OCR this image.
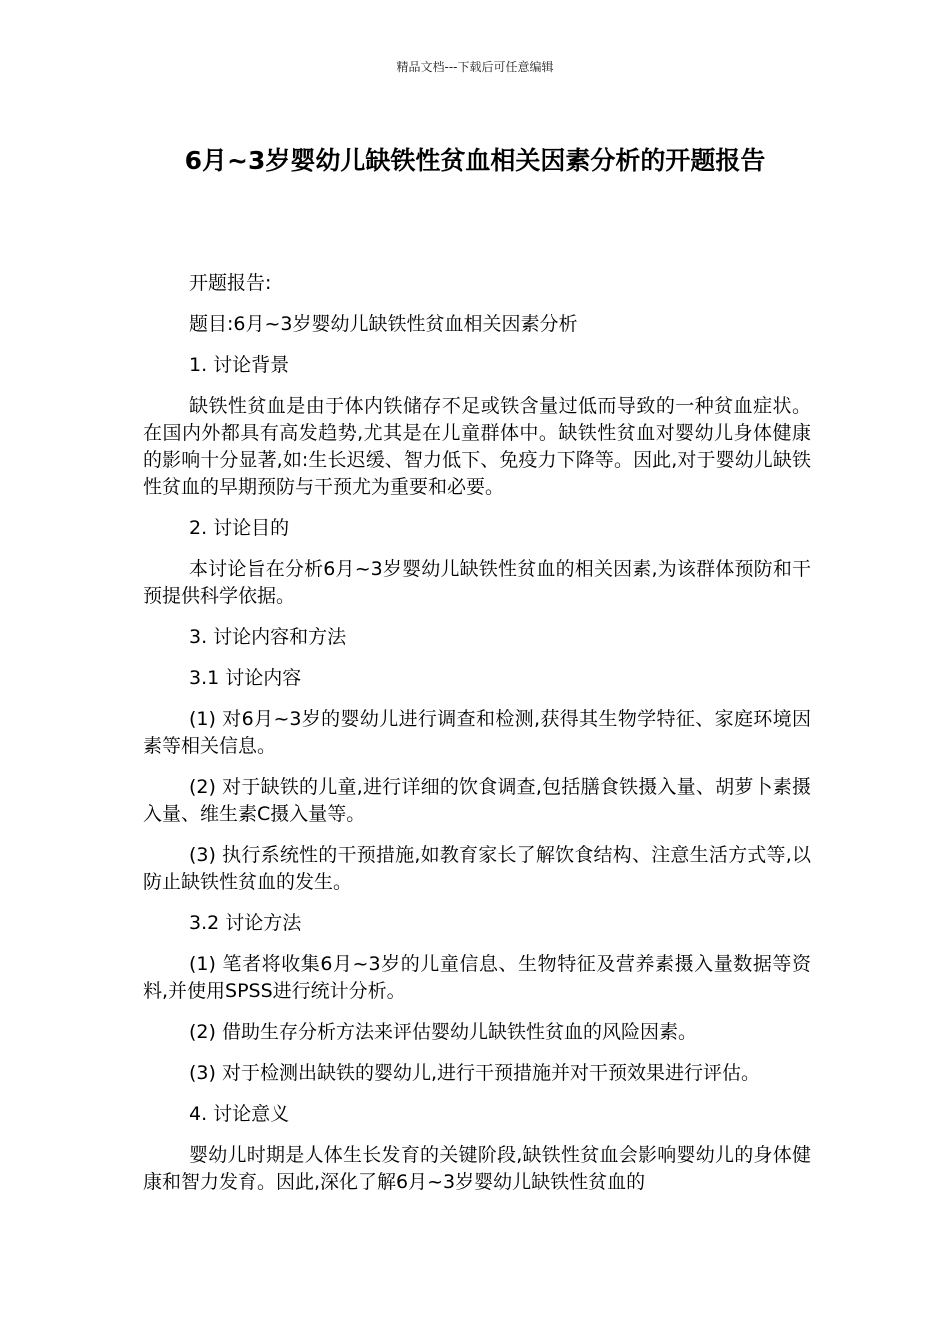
精品文档---下载后可任意编辑
6月~3岁婴幼儿缺铁性贫血相关因素分析的开题报告

开题报告:

题目:6月~3岁婴幼儿缺铁性贫血相关因素分析

1. 讨论背景

缺铁性贫血是由于体内铁储存不足或铁含量过低而导致的一种贫血症状。在国内外都具有高发趋势,尤其是在儿童群体中。缺铁性贫血对婴幼儿身体健康的影响十分显著,如:生长迟缓、智力低下、免疫力下降等。因此,对于婴幼儿缺铁性贫血的早期预防与干预尤为重要和必要。

2. 讨论目的

本讨论旨在分析6月~3岁婴幼儿缺铁性贫血的相关因素,为该群体预防和干预提供科学依据。

3. 讨论内容和方法

3.1 讨论内容

(1) 对6月~3岁的婴幼儿进行调查和检测,获得其生物学特征、家庭环境因素等相关信息。

(2) 对于缺铁的儿童,进行详细的饮食调查,包括膳食铁摄入量、胡萝卜素摄入量、维生素C摄入量等。

(3) 执行系统性的干预措施,如教育家长了解饮食结构、注意生活方式等,以防止缺铁性贫血的发生。

3.2 讨论方法

(1) 笔者将收集6月~3岁的儿童信息、生物特征及营养素摄入量数据等资料,并使用SPSS进行统计分析。

(2) 借助生存分析方法来评估婴幼儿缺铁性贫血的风险因素。

(3) 对于检测出缺铁的婴幼儿,进行干预措施并对干预效果进行评估。

4. 讨论意义

婴幼儿时期是人体生长发育的关键阶段,缺铁性贫血会影响婴幼儿的身体健康和智力发育。因此,深化了解6月~3岁婴幼儿缺铁性贫血的
